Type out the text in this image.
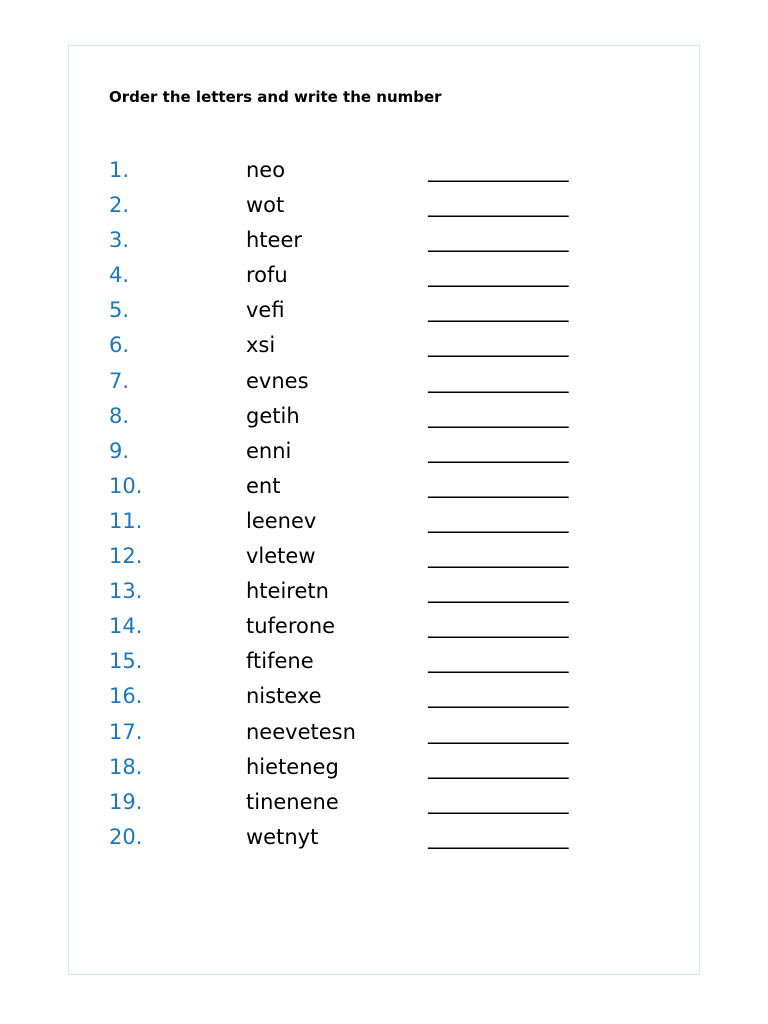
Order the letters and write the number
1.	neo	______________
2.	wot	______________
3.	hteer	______________
4.	rofu	______________
5.	vefi	______________
6.	xsi	______________
7.	evnes	______________
8.	getih	______________
9.	enni	______________
10.	ent	______________
11.	leenev	______________
12.	vletew	______________
13.	hteiretn	______________
14.	tuferone	______________
15.	ftifene	______________
16.	nistexe	______________
17.	neevetesn	______________
18.	hieteneg	______________
19.	tinenene	______________
20.	wetnyt	______________
